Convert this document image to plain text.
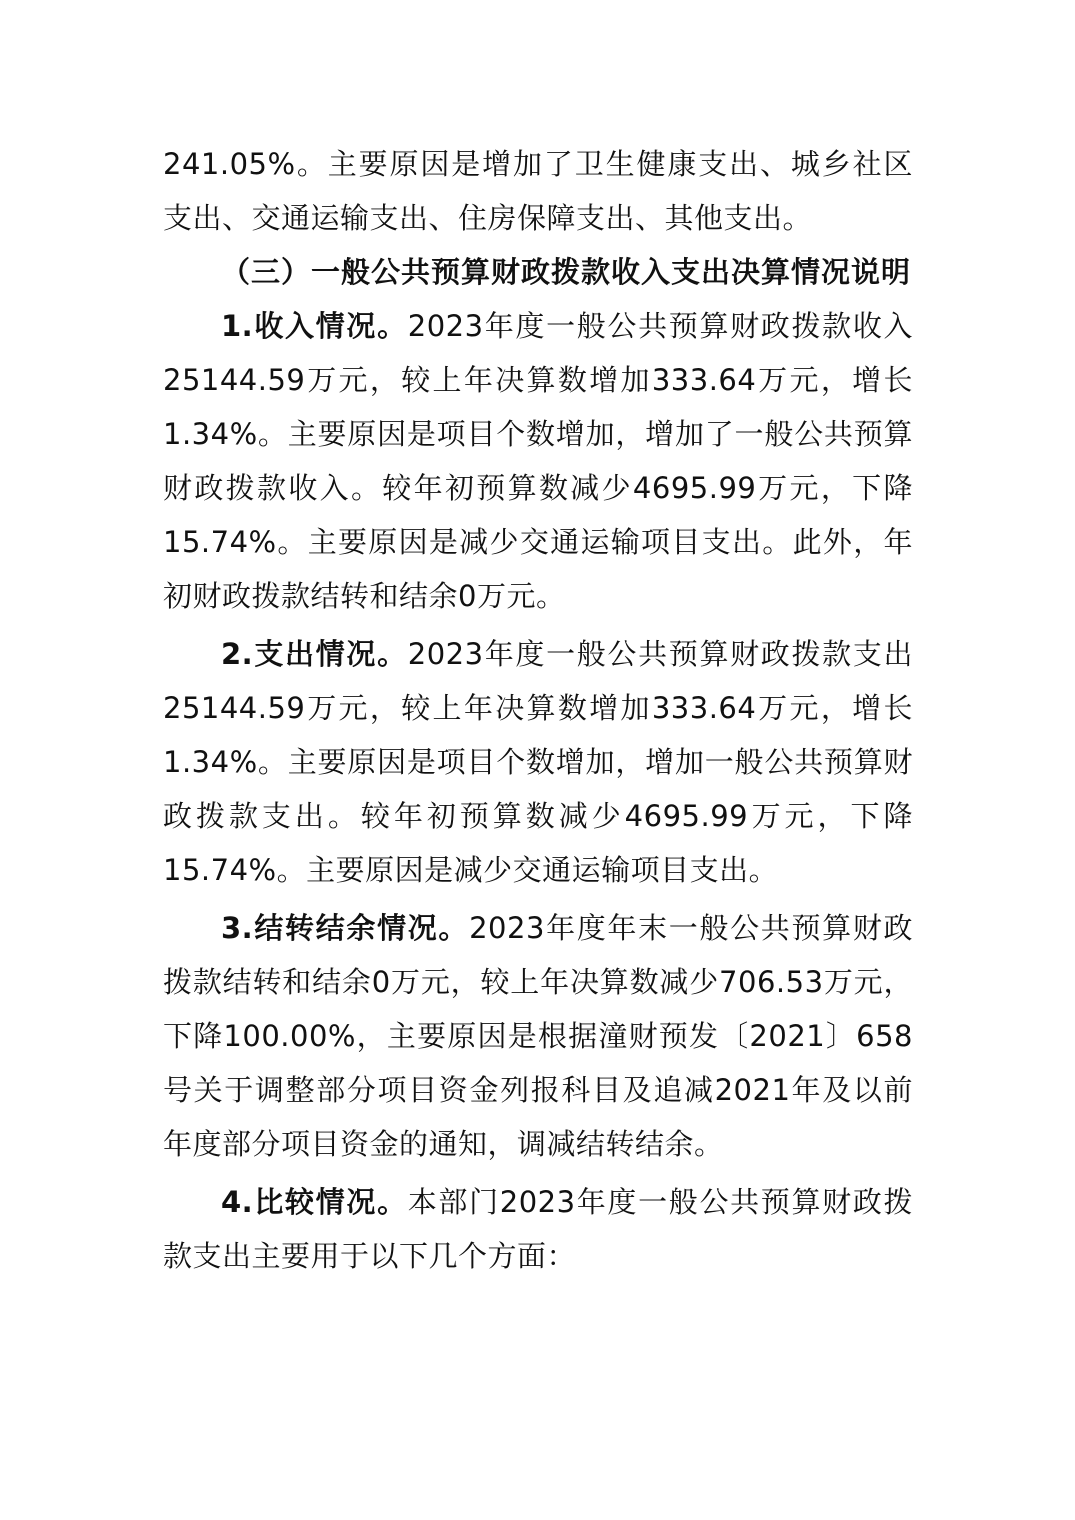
241.05%。主要原因是增加了卫生健康支出、城乡社区支出、交通运输支出、住房保障支出、其他支出。

（三）一般公共预算财政拨款收入支出决算情况说明

1.收入情况。2023年度一般公共预算财政拨款收入25144.59万元，较上年决算数增加333.64万元，增长1.34%。主要原因是项目个数增加，增加了一般公共预算财政拨款收入。较年初预算数减少4695.99万元，下降15.74%。主要原因是减少交通运输项目支出。此外，年初财政拨款结转和结余0万元。

2.支出情况。2023年度一般公共预算财政拨款支出25144.59万元，较上年决算数增加333.64万元，增长1.34%。主要原因是项目个数增加，增加一般公共预算财政拨款支出。较年初预算数减少4695.99万元，下降15.74%。主要原因是减少交通运输项目支出。

3.结转结余情况。2023年度年末一般公共预算财政拨款结转和结余0万元，较上年决算数减少706.53万元，下降100.00%，主要原因是根据潼财预发〔2021〕658号关于调整部分项目资金列报科目及追减2021年及以前年度部分项目资金的通知，调减结转结余。

4.比较情况。本部门2023年度一般公共预算财政拨款支出主要用于以下几个方面：
